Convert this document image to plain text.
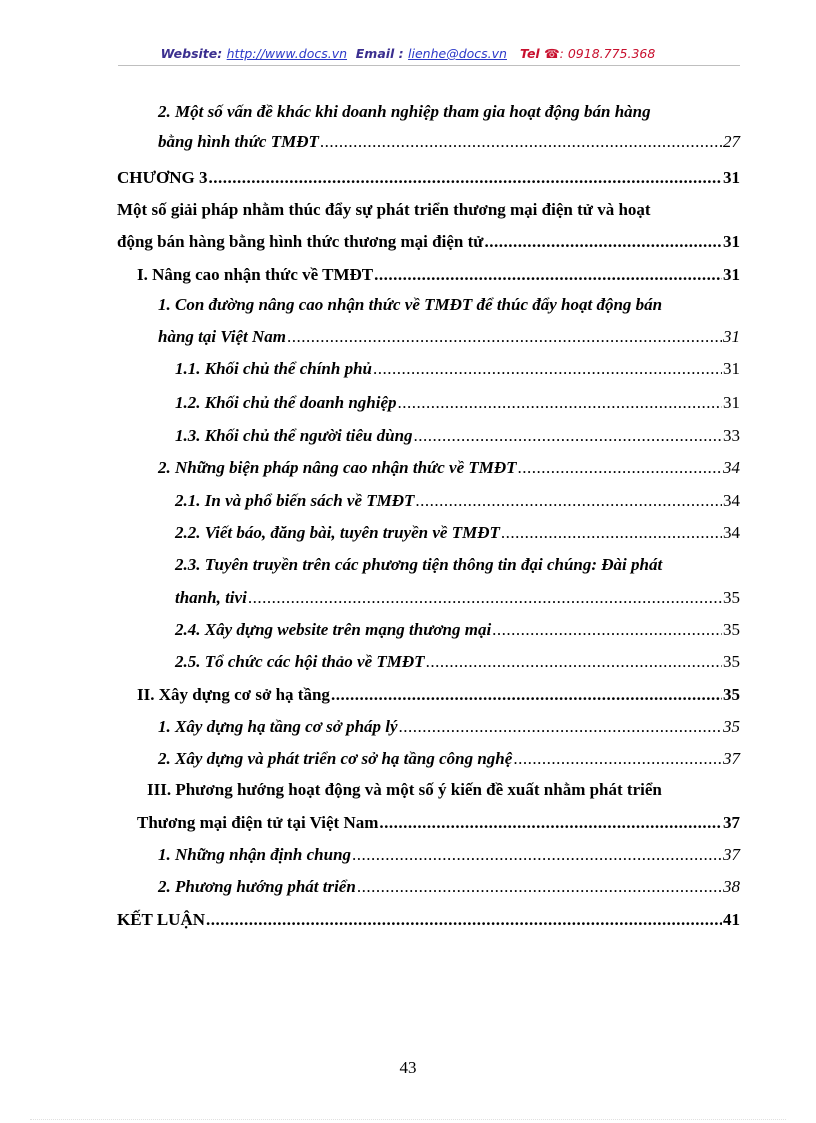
Website: http://www.docs.vn Email : lienhe@docs.vn Tel ☎: 0918.775.368
2. Một số vấn đề khác khi doanh nghiệp tham gia hoạt động bán hàng
bằng hình thức TMĐT .....	27
CHƯƠNG 3 .....	31
Một số giải pháp nhằm thúc đẩy sự phát triển thương mại điện tử và hoạt
động bán hàng bằng hình thức thương mại điện tử .....	31
I. Nâng cao nhận thức về TMĐT .....	31
1. Con đường nâng cao nhận thức về TMĐT để thúc đẩy hoạt động bán
hàng tại Việt Nam .....	31
1.1. Khối chủ thể chính phủ .....	31
1.2. Khối chủ thể doanh nghiệp .....	31
1.3. Khối chủ thể người tiêu dùng .....	33
2. Những biện pháp nâng cao nhận thức về TMĐT .....	34
2.1. In và phổ biến sách về TMĐT .....	34
2.2. Viết báo, đăng bài, tuyên truyền về TMĐT .....	34
2.3. Tuyên truyền trên các phương tiện thông tin đại chúng: Đài phát
thanh, tivi .....	35
2.4. Xây dựng website trên mạng thương mại .....	35
2.5. Tổ chức các hội thảo về TMĐT .....	35
II. Xây dựng cơ sở hạ tầng .....	35
1. Xây dựng hạ tầng cơ sở pháp lý .....	35
2. Xây dựng và phát triển cơ sở hạ tầng công nghệ .....	37
III. Phương hướng hoạt động và một số ý kiến đề xuất nhằm phát triển
Thương mại điện tử tại Việt Nam .....	37
1. Những nhận định chung .....	37
2. Phương hướng phát triển .....	38
KẾT LUẬN .....	41
43
